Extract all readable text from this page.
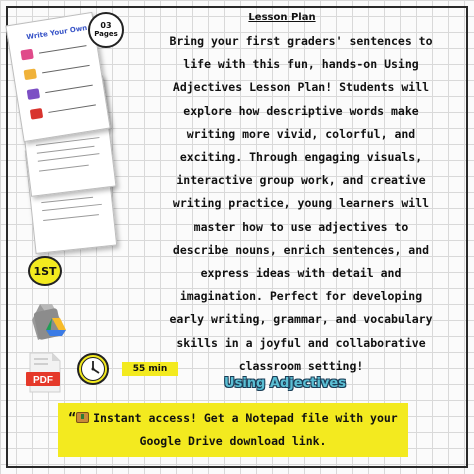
Write Your Own 03
Pages
1ST
PDF
55 min
Lesson Plan
Bring your first graders' sentences to
life with this fun, hands-on Using
Adjectives Lesson Plan! Students will
explore how descriptive words make
writing more vivid, colorful, and
exciting. Through engaging visuals,
interactive group work, and creative
writing practice, young learners will
master how to use adjectives to
describe nouns, enrich sentences, and
express ideas with detail and
imagination. Perfect for developing
early writing, grammar, and vocabulary
skills in a joyful and collaborative
classroom setting!
Using Adjectives
“ Instant access! Get a Notepad file with your
Google Drive download link.
